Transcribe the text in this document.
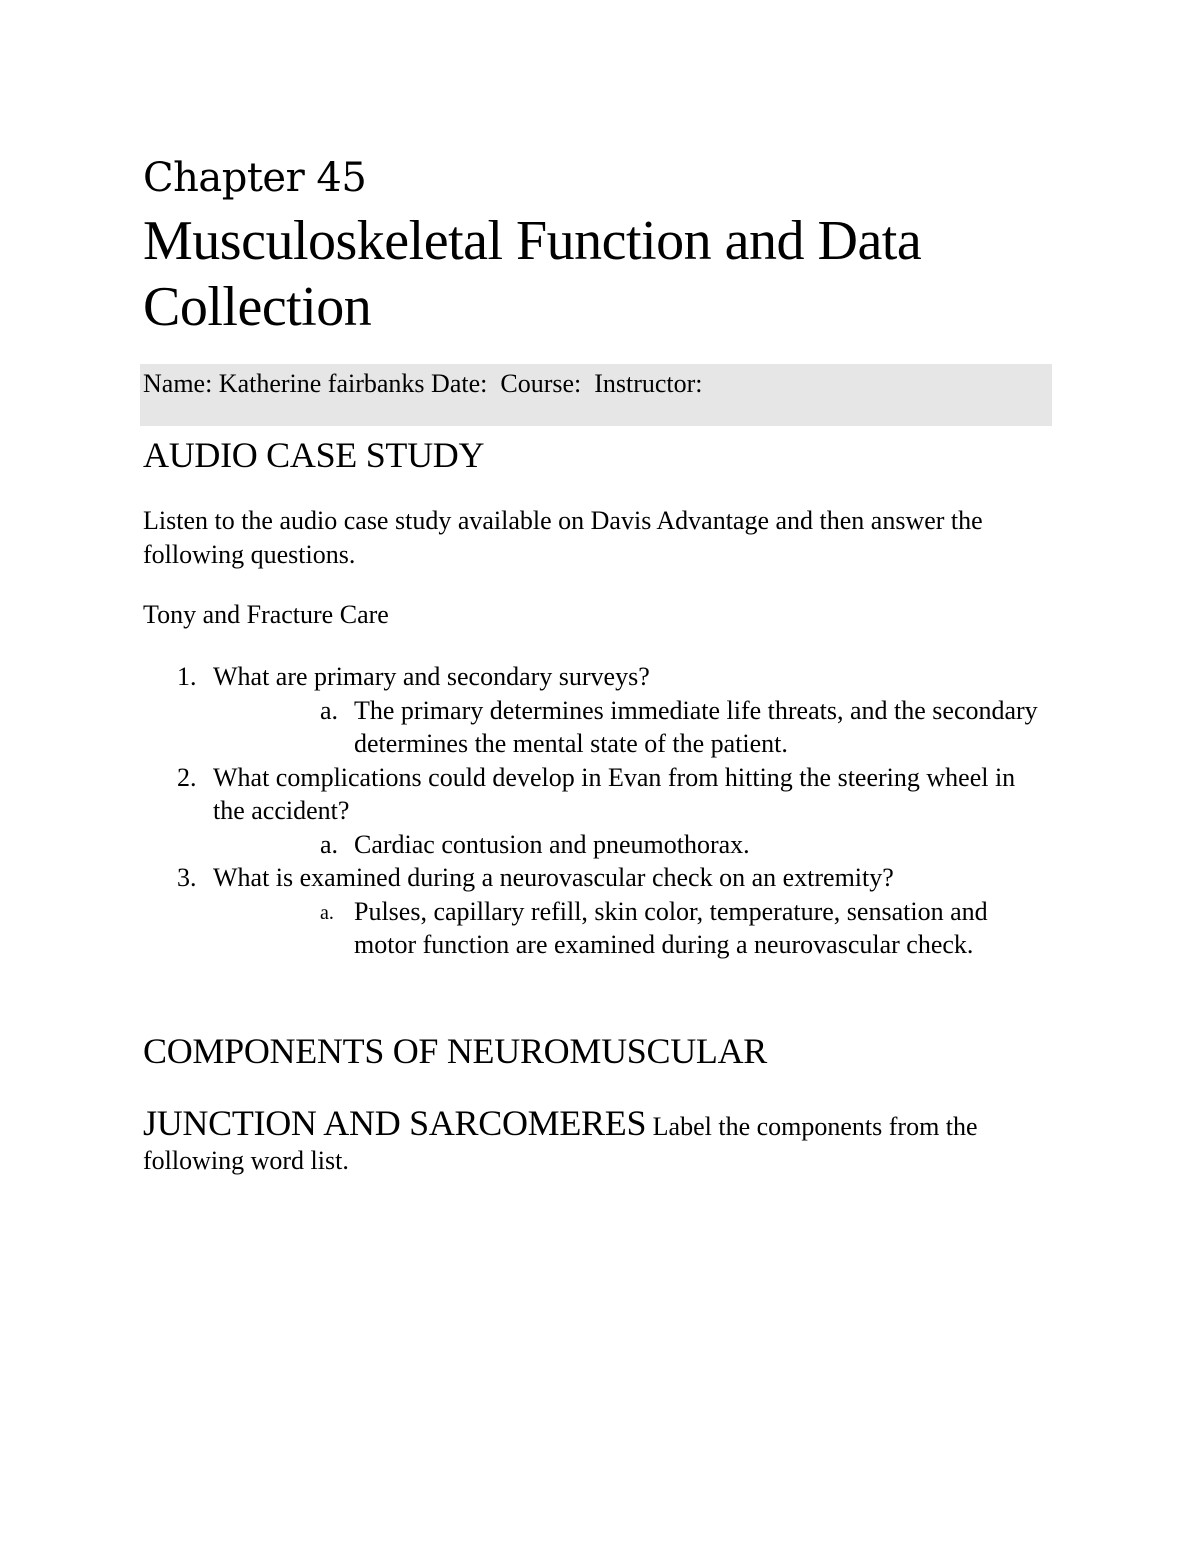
Chapter 45
Musculoskeletal Function and Data Collection
Name: Katherine fairbanks Date:  Course:  Instructor:
AUDIO CASE STUDY
Listen to the audio case study available on Davis Advantage and then answer the following questions.
Tony and Fracture Care
1. What are primary and secondary surveys?
a. The primary determines immediate life threats, and the secondary determines the mental state of the patient.
2. What complications could develop in Evan from hitting the steering wheel in the accident?
a. Cardiac contusion and pneumothorax.
3. What is examined during a neurovascular check on an extremity?
a. Pulses, capillary refill, skin color, temperature, sensation and motor function are examined during a neurovascular check.
COMPONENTS OF NEUROMUSCULAR
JUNCTION AND SARCOMERES Label the components from the following word list.
